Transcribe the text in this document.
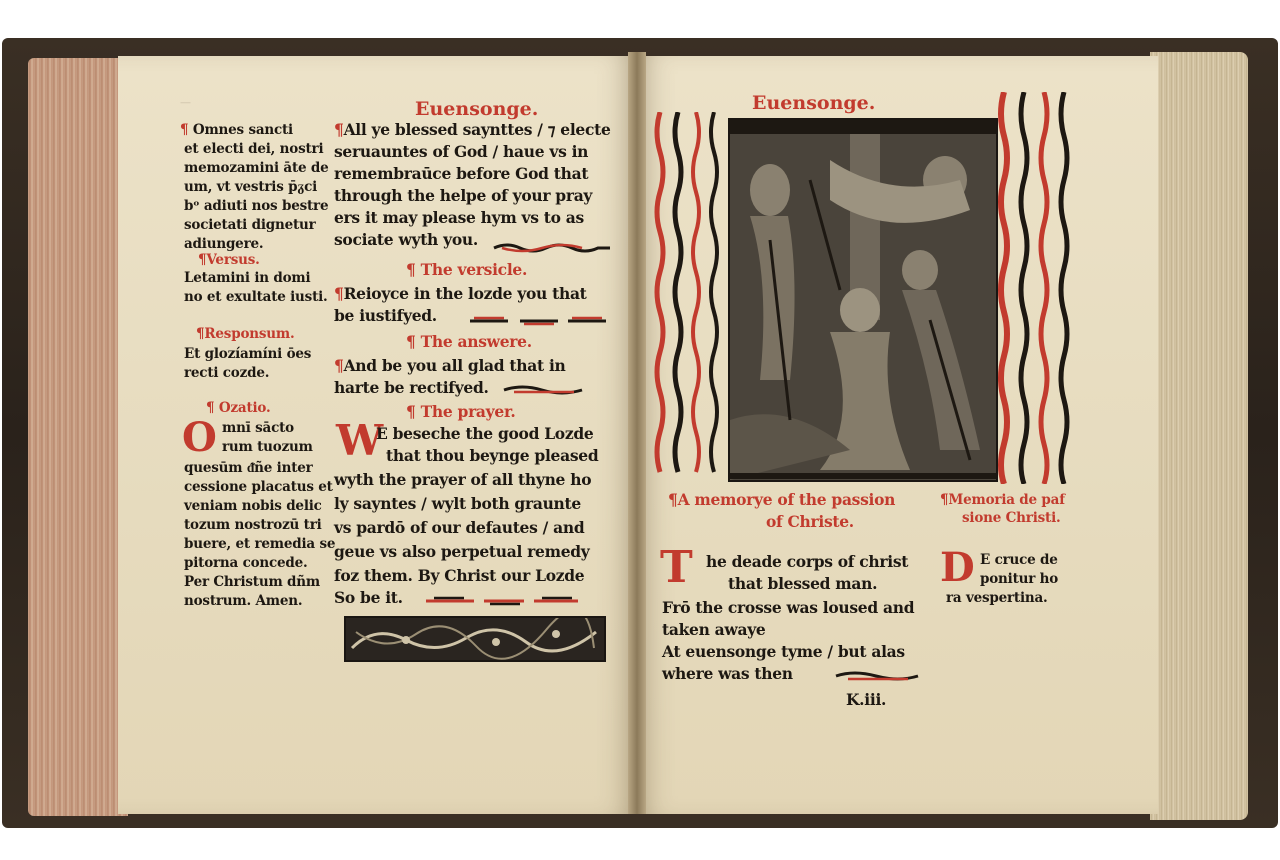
—	Euensonge.

¶ Omnes sancti

et electi dei, nostri

memozamini āte de

um, vt vestris p̄ᵹci

bᵒ adiuti nos bestre

societati dignetur

adiungere.

¶Versus.

Letamini in domi

no et exultate iusti.

¶Responsum.

Et glozíamíni ōes

recti cozde.

¶ Ozatio.

O mnī sācto

rum tuozum

quesūm ᵭñe inter

cessione placatus et

veniam nobis delic

tozum nostrozū tri

buere, et remedia se

pitorna concede.

Per Christum dñm

nostrum. Amen.

¶All ye blessed saynttes / ⁊ electe

seruauntes of God / haue vs in

remembraūce before God that

through the helpe of your pray

ers it may please hym vs to as

sociate wyth you.

¶ The versicle.

¶Reioyce in the lozde you that

be iustifyed.

¶ The answere.

¶And be you all glad that in

harte be rectifyed.

¶ The prayer.

W

E beseche the good Lozde

that thou beynge pleased

wyth the prayer of all thyne ho

ly sayntes / wylt both graunte

vs pardō of our defautes / and

geue vs also perpetual remedy

foz them. By Christ our Lozde

So be it.

Euensonge.

¶A memorye of the passion

of Christe.

¶Memoria de paf

sione Christi.

T he deade corps of christ

that blessed man.

Frō the crosse was loused and

taken awaye

At euensonge tyme / but alas

where was then

D E cruce de

ponitur ho

ra vespertina.

K.iii.
